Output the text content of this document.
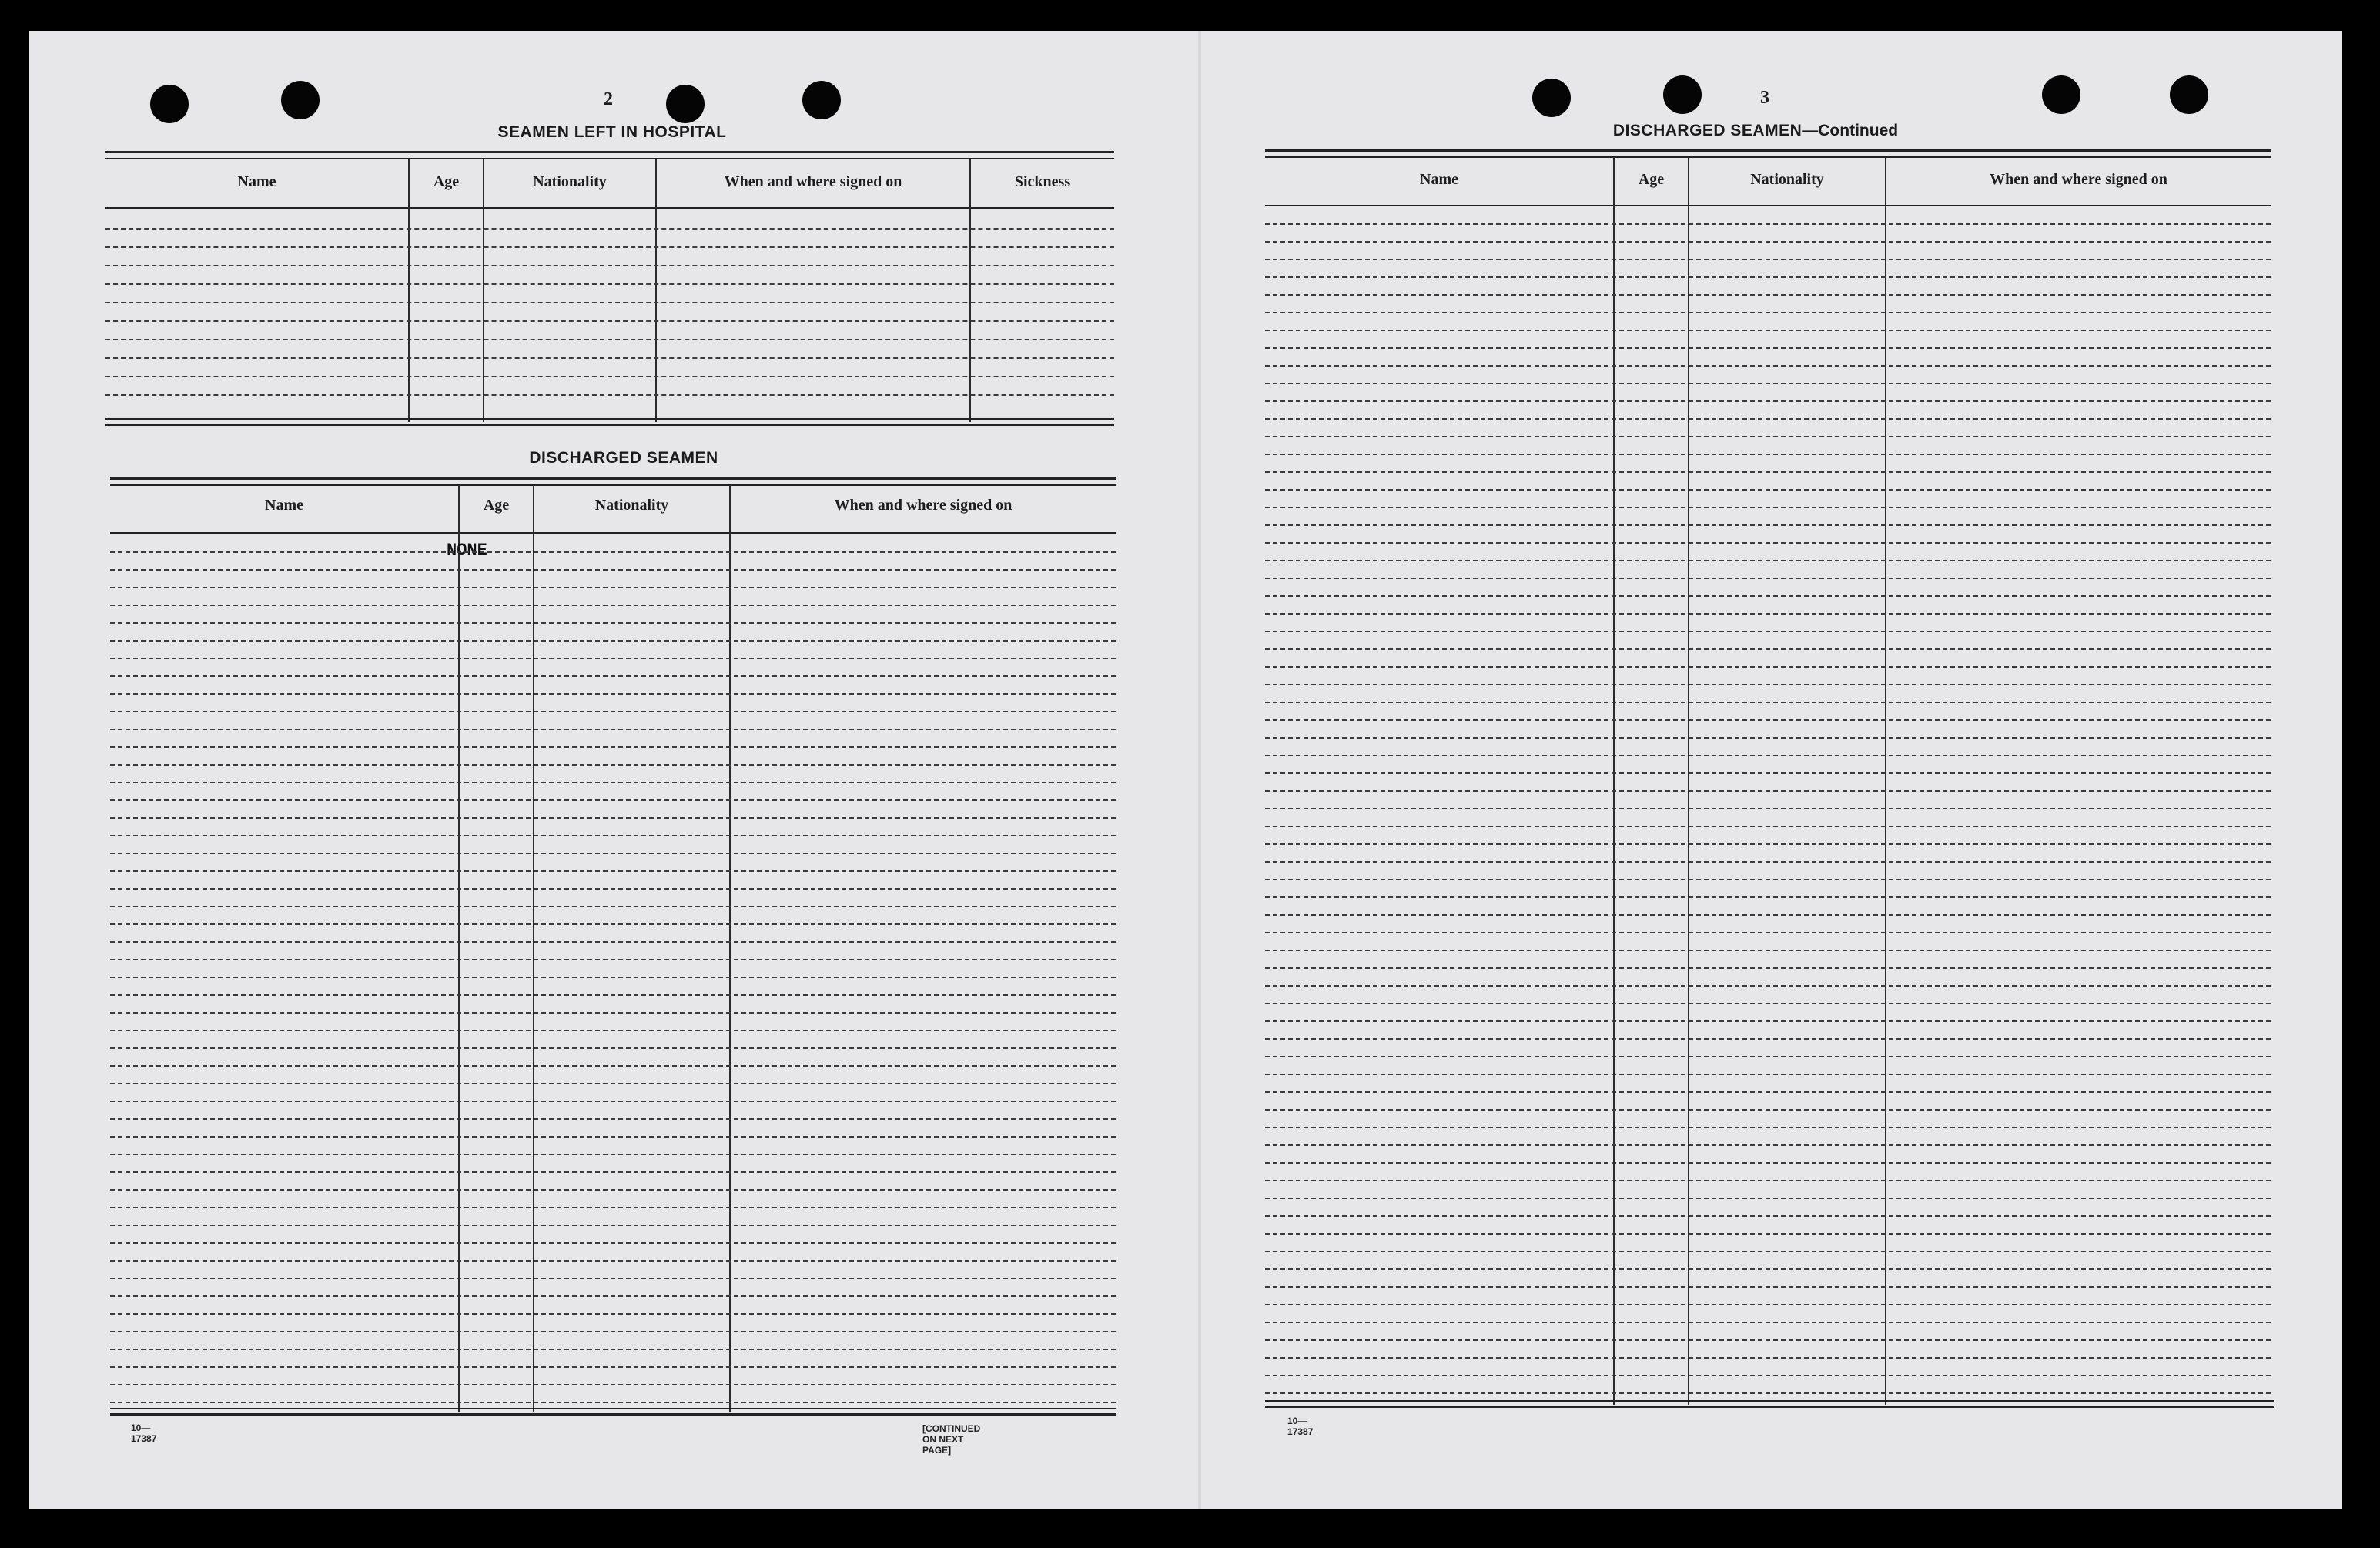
2
SEAMEN LEFT IN HOSPITAL
Name	Age	Nationality	When and where signed on	Sickness
DISCHARGED SEAMEN
Name	Age	Nationality	When and where signed on
NONE
10—17387
[CONTINUED ON NEXT PAGE]
3
DISCHARGED SEAMEN—Continued
Name	Age	Nationality	When and where signed on
10—17387
